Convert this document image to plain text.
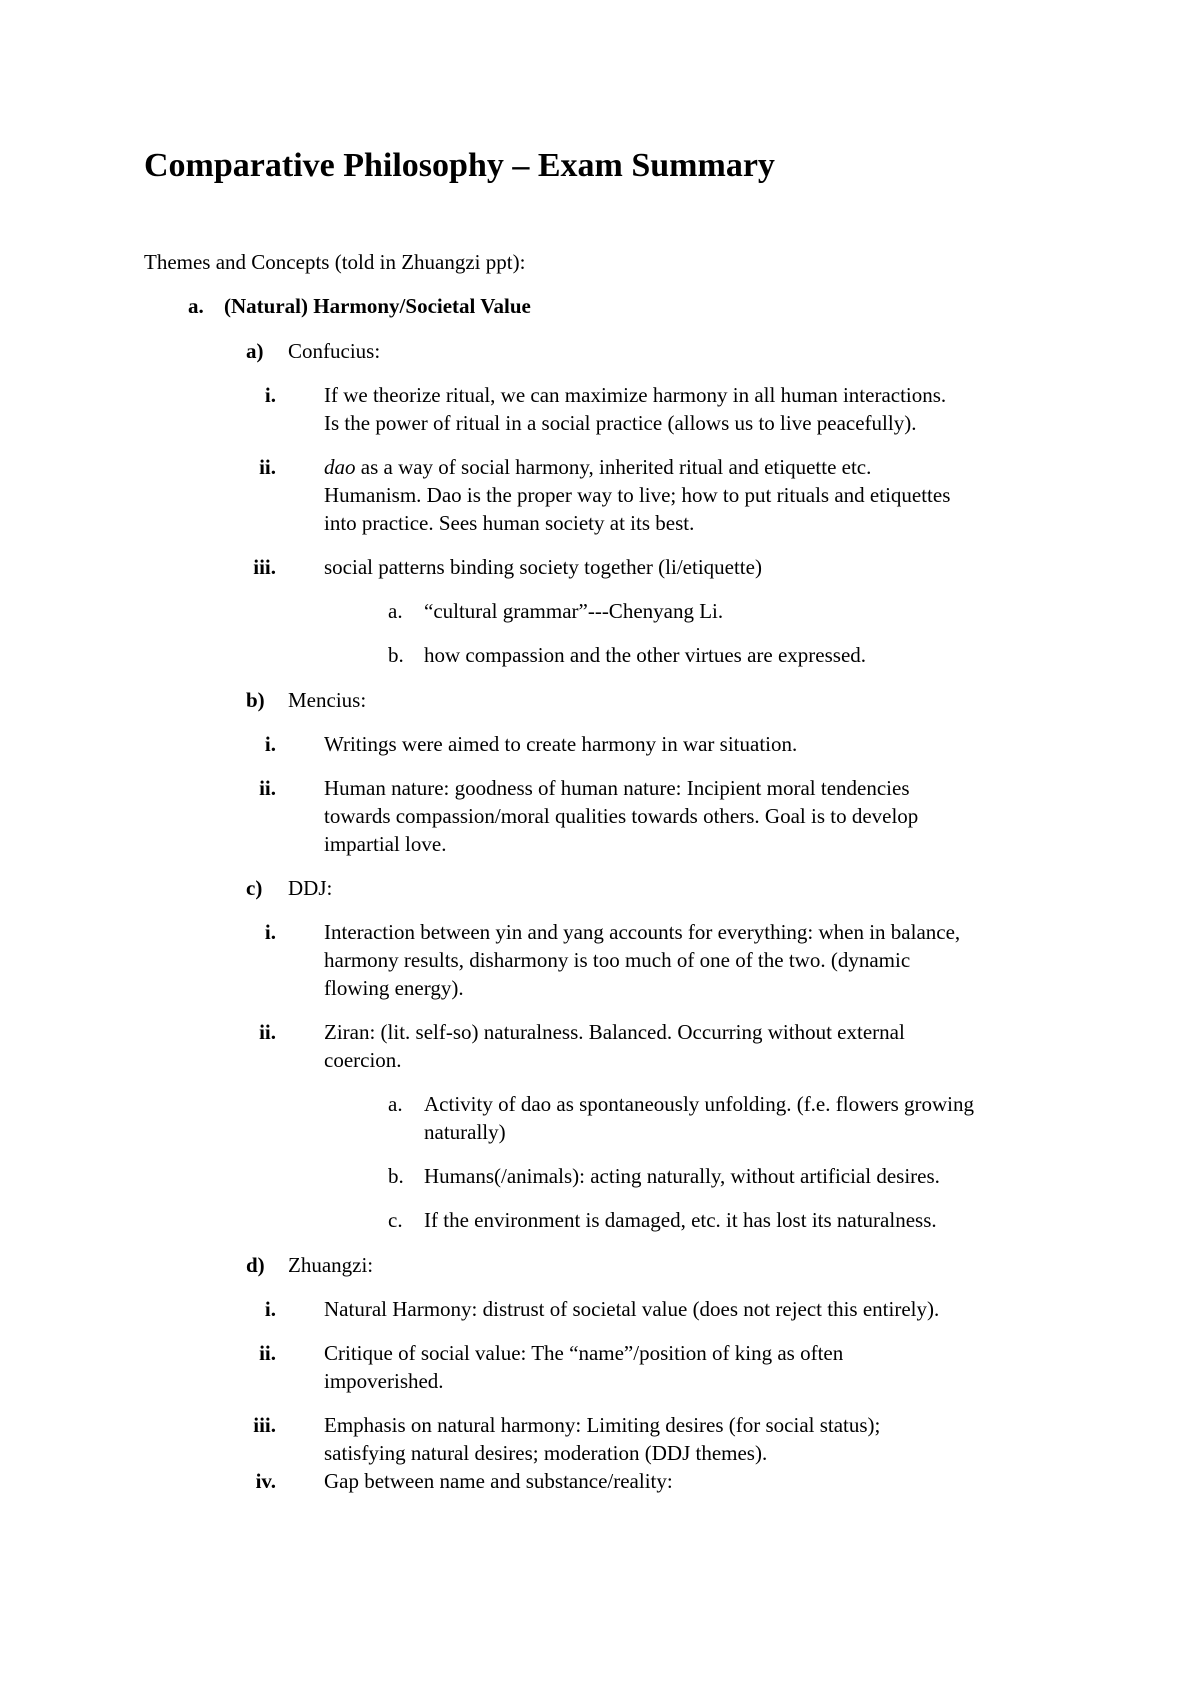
Comparative Philosophy – Exam Summary
Themes and Concepts (told in Zhuangzi ppt):
a. (Natural) Harmony/Societal Value
a) Confucius:
i. If we theorize ritual, we can maximize harmony in all human interactions.
Is the power of ritual in a social practice (allows us to live peacefully).
ii. dao as a way of social harmony, inherited ritual and etiquette etc.
Humanism. Dao is the proper way to live; how to put rituals and etiquettes
into practice. Sees human society at its best.
iii. social patterns binding society together (li/etiquette)
a. “cultural grammar”---Chenyang Li.
b. how compassion and the other virtues are expressed.
b) Mencius:
i. Writings were aimed to create harmony in war situation.
ii. Human nature: goodness of human nature: Incipient moral tendencies
towards compassion/moral qualities towards others. Goal is to develop
impartial love.
c) DDJ:
i. Interaction between yin and yang accounts for everything: when in balance,
harmony results, disharmony is too much of one of the two. (dynamic
flowing energy).
ii. Ziran: (lit. self-so) naturalness. Balanced. Occurring without external
coercion.
a. Activity of dao as spontaneously unfolding. (f.e. flowers growing
naturally)
b. Humans(/animals): acting naturally, without artificial desires.
c. If the environment is damaged, etc. it has lost its naturalness.
d) Zhuangzi:
i. Natural Harmony: distrust of societal value (does not reject this entirely).
ii. Critique of social value: The “name”/position of king as often
impoverished.
iii. Emphasis on natural harmony: Limiting desires (for social status);
satisfying natural desires; moderation (DDJ themes).
iv. Gap between name and substance/reality:
